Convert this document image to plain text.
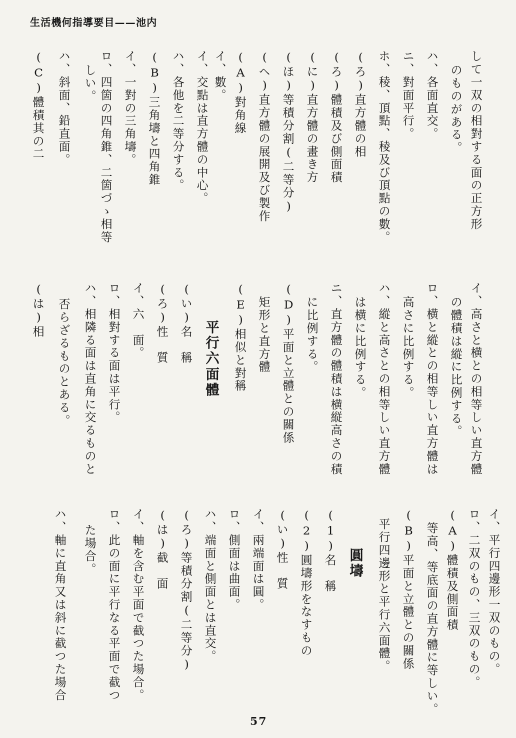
生活機何指導要目——池内
(C)體積其の二 ハ、斜面、鉛直面。 しい。 ロ、四箇の四角錐、二箇づゝ相等 イ、一對の三角壔。 (B)三角壔と四角錐 ハ、各他を二等分する。 イ、交點は直方體の中心。 イ、數。 (A)對角線 (ヘ)直方體の展開及び製作 (ほ)等積分割(二等分) (に)直方體の畫き方 (ろ)體積及び側面積 (ろ)直方體の相 ホ、稜、頂點、稜及び頂點の數。 ニ、對面平行。 ハ、各面直交。 のものがある。 して一双の相對する面の正方形
(は)相 否らざるものとある。 ハ、相隣る面は直角に交るものと ロ、相對する面は平行。 イ、六　面。 (ろ)性　質 (い)名　稱 平行六面體 (E)相似と對稱 矩形と直方體 (D)平面と立體との關係 に比例する。 ニ、直方體の體積は横縦高さの積 は横に比例する。 ハ、縱と高さとの相等しい直方體 高さに比例する。 ロ、横と縱との相等しい直方體は の體積は縱に比例する。 イ、高さと横との相等しい直方體
た場合。 ロ、此の面に平行なる平面で截つ イ、軸を含む平面で截つた場合。 (は)截　面 (ろ)等積分割(二等分) ハ、端面と側面とは直交。 ロ、側面は曲面。 イ、兩端面は圓。 (い)性　質 (2)圓壔形をなすもの (1)名　稱 圓壔 平行四邊形と平行六面體。 (B)平面と立體との關係 等高、等底面の直方體に等しい。 (A)體積及側面積 ロ、二双のもの、三双のもの。 イ、平行四邊形一双のもの。
ハ、軸に直角又は斜に截つた場合
57
